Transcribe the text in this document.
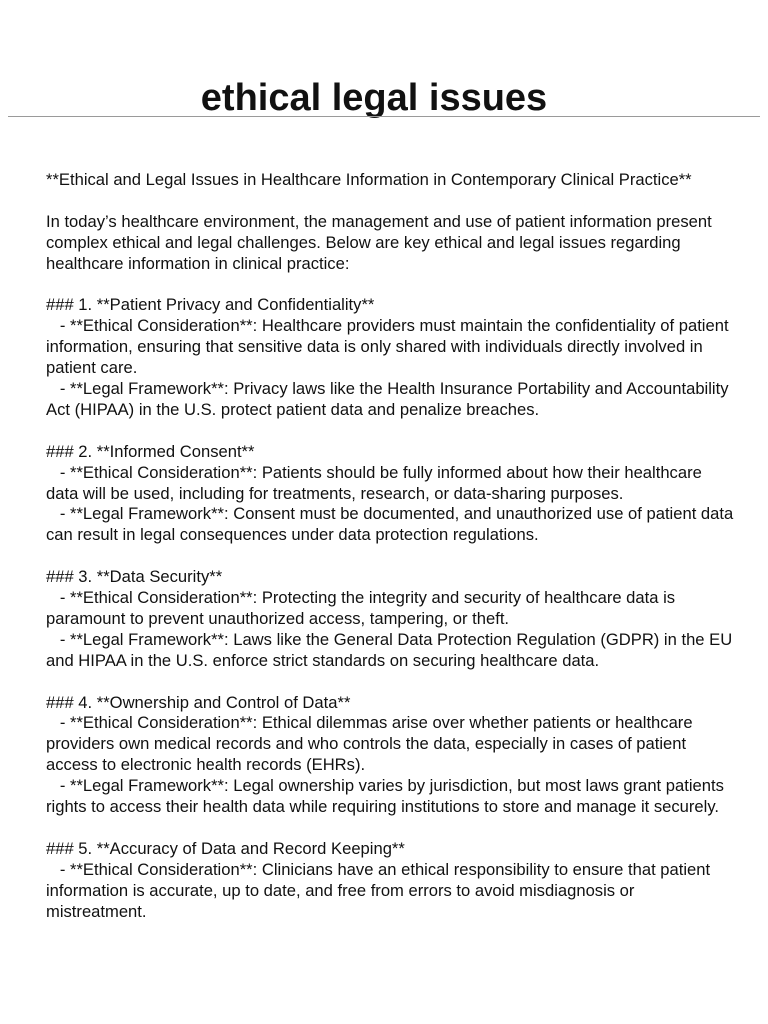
ethical legal issues

**Ethical and Legal Issues in Healthcare Information in Contemporary Clinical Practice**

In today’s healthcare environment, the management and use of patient information present complex ethical and legal challenges. Below are key ethical and legal issues regarding healthcare information in clinical practice:

### 1. **Patient Privacy and Confidentiality**

- **Ethical Consideration**: Healthcare providers must maintain the confidentiality of patient information, ensuring that sensitive data is only shared with individuals directly involved in patient care.

- **Legal Framework**: Privacy laws like the Health Insurance Portability and Accountability Act (HIPAA) in the U.S. protect patient data and penalize breaches.

### 2. **Informed Consent**

- **Ethical Consideration**: Patients should be fully informed about how their healthcare data will be used, including for treatments, research, or data-sharing purposes.

- **Legal Framework**: Consent must be documented, and unauthorized use of patient data can result in legal consequences under data protection regulations.

### 3. **Data Security**

- **Ethical Consideration**: Protecting the integrity and security of healthcare data is paramount to prevent unauthorized access, tampering, or theft.

- **Legal Framework**: Laws like the General Data Protection Regulation (GDPR) in the EU and HIPAA in the U.S. enforce strict standards on securing healthcare data.

### 4. **Ownership and Control of Data**

- **Ethical Consideration**: Ethical dilemmas arise over whether patients or healthcare providers own medical records and who controls the data, especially in cases of patient access to electronic health records (EHRs).

- **Legal Framework**: Legal ownership varies by jurisdiction, but most laws grant patients rights to access their health data while requiring institutions to store and manage it securely.

### 5. **Accuracy of Data and Record Keeping**

- **Ethical Consideration**: Clinicians have an ethical responsibility to ensure that patient information is accurate, up to date, and free from errors to avoid misdiagnosis or mistreatment.
